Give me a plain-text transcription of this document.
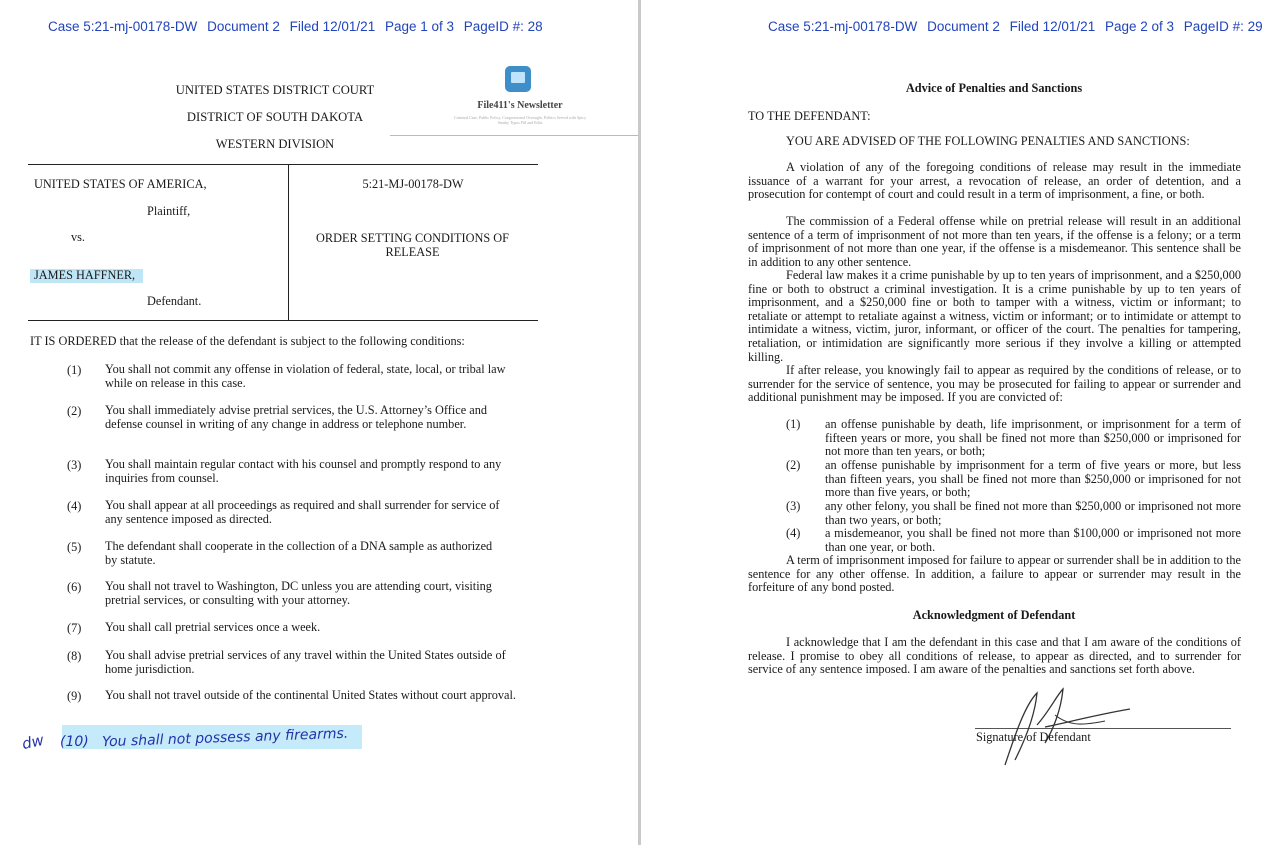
Case 5:21-mj-00178-DW Document 2 Filed 12/01/21 Page 1 of 3 PageID #: 28
UNITED STATES DISTRICT COURT
DISTRICT OF SOUTH DAKOTA
WESTERN DIVISION
File411's Newsletter
Criminal Case, Public Policy, Congressional Oversight, Politics Served with Spicy Snarky Typos Fill and Edits
UNITED STATES OF AMERICA,
Plaintiff,
vs.
JAMES HAFFNER,
Defendant.
5:21-MJ-00178-DW
ORDER SETTING CONDITIONS OF RELEASE
IT IS ORDERED that the release of the defendant is subject to the following conditions:
(1) You shall not commit any offense in violation of federal, state, local, or tribal law while on release in this case.
(2) You shall immediately advise pretrial services, the U.S. Attorney’s Office and defense counsel in writing of any change in address or telephone number.
(3) You shall maintain regular contact with his counsel and promptly respond to any inquiries from counsel.
(4) You shall appear at all proceedings as required and shall surrender for service of any sentence imposed as directed.
(5) The defendant shall cooperate in the collection of a DNA sample as authorized by statute.
(6) You shall not travel to Washington, DC unless you are attending court, visiting pretrial services, or consulting with your attorney.
(7) You shall call pretrial services once a week.
(8) You shall advise pretrial services of any travel within the United States outside of home jurisdiction.
(9) You shall not travel outside of the continental United States without court approval.
dw (10) You shall not possess any firearms.
Case 5:21-mj-00178-DW Document 2 Filed 12/01/21 Page 2 of 3 PageID #: 29
Advice of Penalties and Sanctions
TO THE DEFENDANT:
YOU ARE ADVISED OF THE FOLLOWING PENALTIES AND SANCTIONS:
A violation of any of the foregoing conditions of release may result in the immediate issuance of a warrant for your arrest, a revocation of release, an order of detention, and a prosecution for contempt of court and could result in a term of imprisonment, a fine, or both.
The commission of a Federal offense while on pretrial release will result in an additional sentence of a term of imprisonment of not more than ten years, if the offense is a felony; or a term of imprisonment of not more than one year, if the offense is a misdemeanor. This sentence shall be in addition to any other sentence.
Federal law makes it a crime punishable by up to ten years of imprisonment, and a $250,000 fine or both to obstruct a criminal investigation. It is a crime punishable by up to ten years of imprisonment, and a $250,000 fine or both to tamper with a witness, victim or informant; to retaliate or attempt to retaliate against a witness, victim or informant; or to intimidate or attempt to intimidate a witness, victim, juror, informant, or officer of the court. The penalties for tampering, retaliation, or intimidation are significantly more serious if they involve a killing or attempted killing.
If after release, you knowingly fail to appear as required by the conditions of release, or to surrender for the service of sentence, you may be prosecuted for failing to appear or surrender and additional punishment may be imposed. If you are convicted of:
(1) an offense punishable by death, life imprisonment, or imprisonment for a term of fifteen years or more, you shall be fined not more than $250,000 or imprisoned for not more than ten years, or both;
(2) an offense punishable by imprisonment for a term of five years or more, but less than fifteen years, you shall be fined not more than $250,000 or imprisoned for not more than five years, or both;
(3) any other felony, you shall be fined not more than $250,000 or imprisoned not more than two years, or both;
(4) a misdemeanor, you shall be fined not more than $100,000 or imprisoned not more than one year, or both.
A term of imprisonment imposed for failure to appear or surrender shall be in addition to the sentence for any other offense. In addition, a failure to appear or surrender may result in the forfeiture of any bond posted.
Acknowledgment of Defendant
I acknowledge that I am the defendant in this case and that I am aware of the conditions of release. I promise to obey all conditions of release, to appear as directed, and to surrender for service of any sentence imposed. I am aware of the penalties and sanctions set forth above.
Signature of Defendant
